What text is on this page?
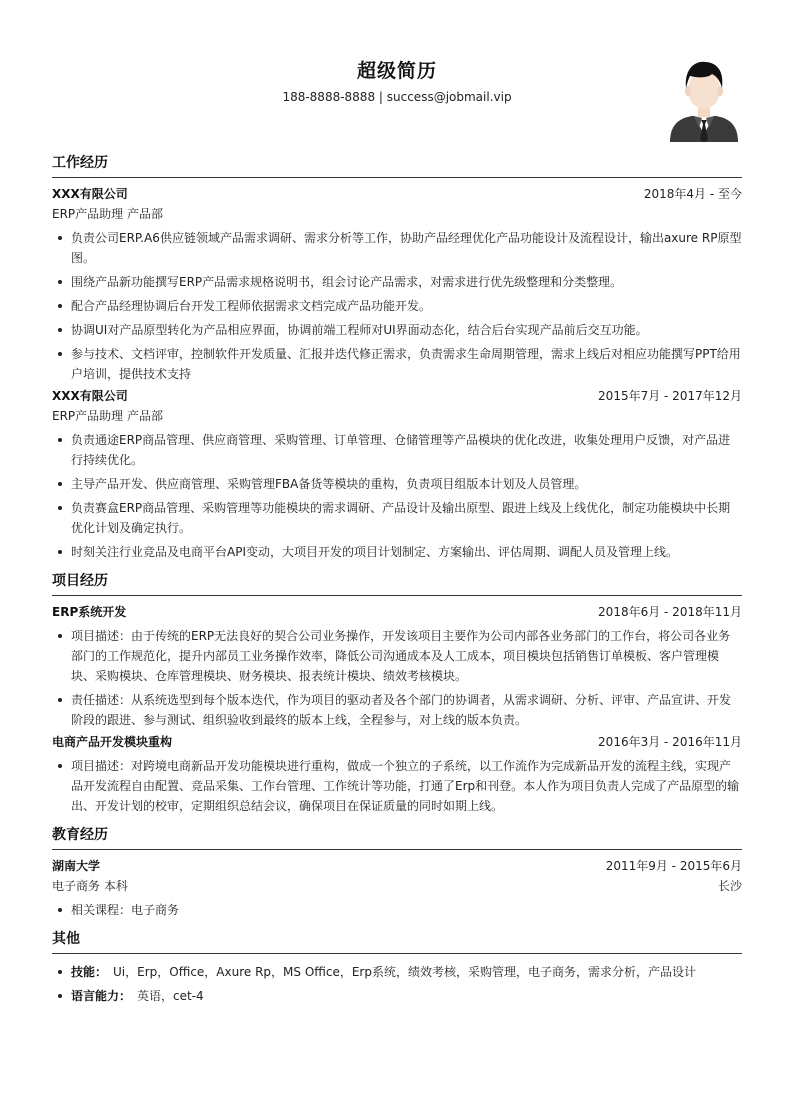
超级简历
188-8888-8888 | success@jobmail.vip
工作经历
XXX有限公司	2018年4月 - 至今
ERP产品助理 产品部
负责公司ERP.A6供应链领域产品需求调研、需求分析等工作，协助产品经理优化产品功能设计及流程设计，输出axure RP原型图。
围绕产品新功能撰写ERP产品需求规格说明书，组会讨论产品需求，对需求进行优先级整理和分类整理。
配合产品经理协调后台开发工程师依据需求文档完成产品功能开发。
协调UI对产品原型转化为产品相应界面，协调前端工程师对UI界面动态化，结合后台实现产品前后交互功能。
参与技术、文档评审，控制软件开发质量、汇报并迭代修正需求，负责需求生命周期管理，需求上线后对相应功能撰写PPT给用户培训，提供技术支持
XXX有限公司	2015年7月 - 2017年12月
ERP产品助理 产品部
负责通途ERP商品管理、供应商管理、采购管理、订单管理、仓储管理等产品模块的优化改进，收集处理用户反馈，对产品进行持续优化。
主导产品开发、供应商管理、采购管理FBA备货等模块的重构，负责项目组版本计划及人员管理。
负责赛盒ERP商品管理、采购管理等功能模块的需求调研、产品设计及输出原型、跟进上线及上线优化，制定功能模块中长期优化计划及确定执行。
时刻关注行业竞品及电商平台API变动，大项目开发的项目计划制定、方案输出、评估周期、调配人员及管理上线。
项目经历
ERP系统开发	2018年6月 - 2018年11月
项目描述：由于传统的ERP无法良好的契合公司业务操作，开发该项目主要作为公司内部各业务部门的工作台，将公司各业务部门的工作规范化，提升内部员工业务操作效率，降低公司沟通成本及人工成本，项目模块包括销售订单模板、客户管理模块、采购模块、仓库管理模块、财务模块、报表统计模块、绩效考核模块。
责任描述：从系统选型到每个版本迭代，作为项目的驱动者及各个部门的协调者，从需求调研、分析、评审、产品宣讲、开发阶段的跟进、参与测试、组织验收到最终的版本上线，全程参与，对上线的版本负责。
电商产品开发模块重构	2016年3月 - 2016年11月
项目描述：对跨境电商新品开发功能模块进行重构，做成一个独立的子系统，以工作流作为完成新品开发的流程主线，实现产品开发流程自由配置、竞品采集、工作台管理、工作统计等功能，打通了Erp和刊登。本人作为项目负责人完成了产品原型的输出、开发计划的校审，定期组织总结会议，确保项目在保证质量的同时如期上线。
教育经历
湖南大学	2011年9月 - 2015年6月
电子商务 本科	长沙
相关课程：电子商务
其他
技能： Ui，Erp，Office，Axure Rp，MS Office，Erp系统，绩效考核，采购管理，电子商务，需求分析，产品设计
语言能力： 英语，cet-4
